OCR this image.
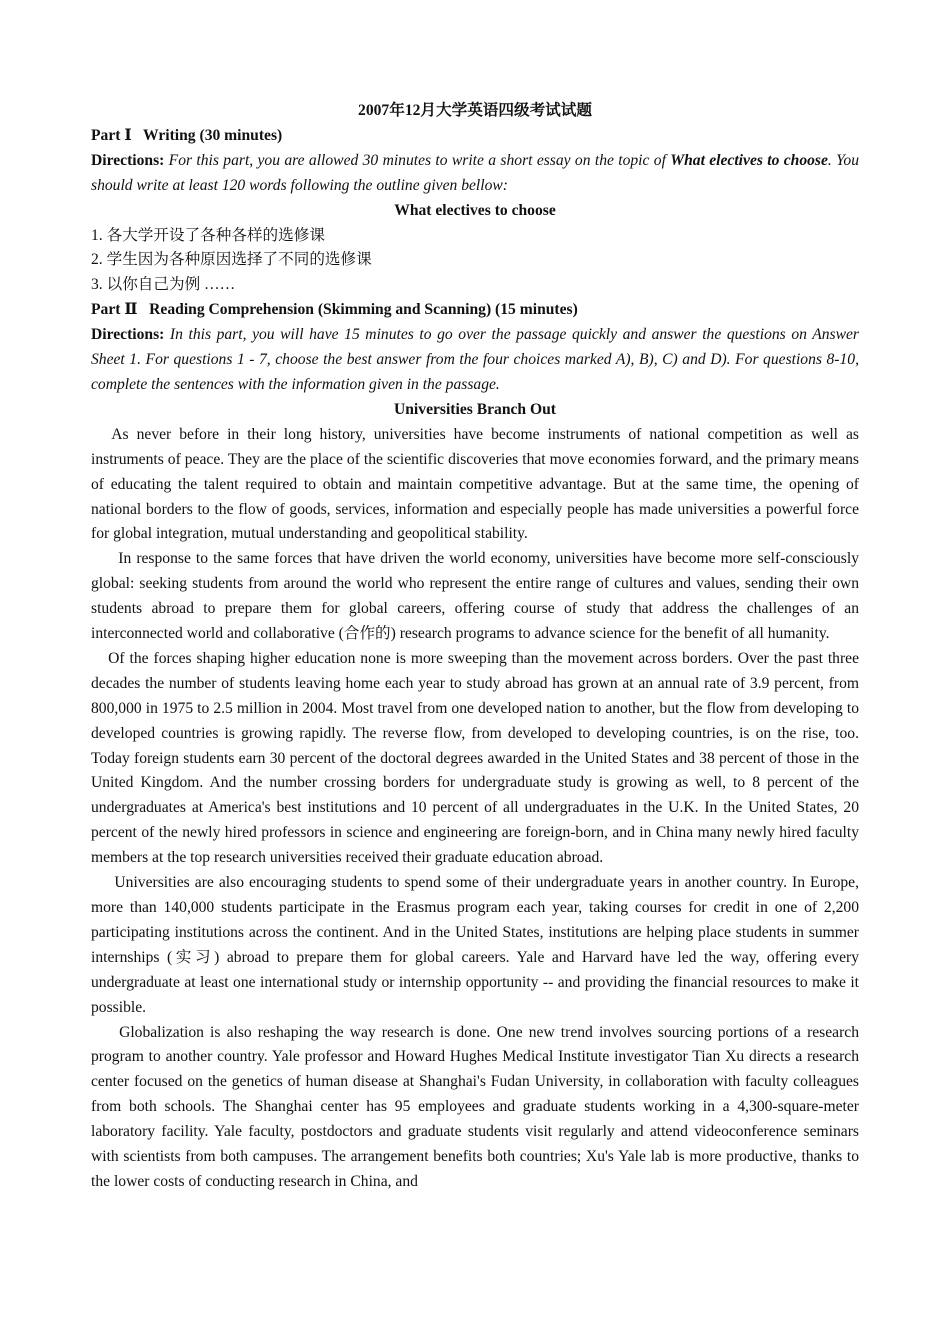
2007年12月大学英语四级考试试题

Part Ⅰ   Writing (30 minutes)

Directions: For this part, you are allowed 30 minutes to write a short essay on the topic of What electives to choose. You should write at least 120 words following the outline given bellow:

What electives to choose

1. 各大学开设了各种各样的选修课

2. 学生因为各种原因选择了不同的选修课

3. 以你自己为例 ……

Part Ⅱ   Reading Comprehension (Skimming and Scanning) (15 minutes)

Directions: In this part, you will have 15 minutes to go over the passage quickly and answer the questions on Answer Sheet 1. For questions 1 - 7, choose the best answer from the four choices marked A), B), C) and D). For questions 8-10, complete the sentences with the information given in the passage.

Universities Branch Out

As never before in their long history, universities have become instruments of national competition as well as instruments of peace. They are the place of the scientific discoveries that move economies forward, and the primary means of educating the talent required to obtain and maintain competitive advantage. But at the same time, the opening of national borders to the flow of goods, services, information and especially people has made universities a powerful force for global integration, mutual understanding and geopolitical stability.

In response to the same forces that have driven the world economy, universities have become more self-consciously global: seeking students from around the world who represent the entire range of cultures and values, sending their own students abroad to prepare them for global careers, offering course of study that address the challenges of an interconnected world and collaborative (合作的) research programs to advance science for the benefit of all humanity.

Of the forces shaping higher education none is more sweeping than the movement across borders. Over the past three decades the number of students leaving home each year to study abroad has grown at an annual rate of 3.9 percent, from 800,000 in 1975 to 2.5 million in 2004. Most travel from one developed nation to another, but the flow from developing to developed countries is growing rapidly. The reverse flow, from developed to developing countries, is on the rise, too. Today foreign students earn 30 percent of the doctoral degrees awarded in the United States and 38 percent of those in the United Kingdom. And the number crossing borders for undergraduate study is growing as well, to 8 percent of the undergraduates at America's best institutions and 10 percent of all undergraduates in the U.K. In the United States, 20 percent of the newly hired professors in science and engineering are foreign-born, and in China many newly hired faculty members at the top research universities received their graduate education abroad.

Universities are also encouraging students to spend some of their undergraduate years in another country. In Europe, more than 140,000 students participate in the Erasmus program each year, taking courses for credit in one of 2,200 participating institutions across the continent. And in the United States, institutions are helping place students in summer internships (实习) abroad to prepare them for global careers. Yale and Harvard have led the way, offering every undergraduate at least one international study or internship opportunity -- and providing the financial resources to make it possible.

Globalization is also reshaping the way research is done. One new trend involves sourcing portions of a research program to another country. Yale professor and Howard Hughes Medical Institute investigator Tian Xu directs a research center focused on the genetics of human disease at Shanghai's Fudan University, in collaboration with faculty colleagues from both schools. The Shanghai center has 95 employees and graduate students working in a 4,300-square-meter laboratory facility. Yale faculty, postdoctors and graduate students visit regularly and attend videoconference seminars with scientists from both campuses. The arrangement benefits both countries; Xu's Yale lab is more productive, thanks to the lower costs of conducting research in China, and
